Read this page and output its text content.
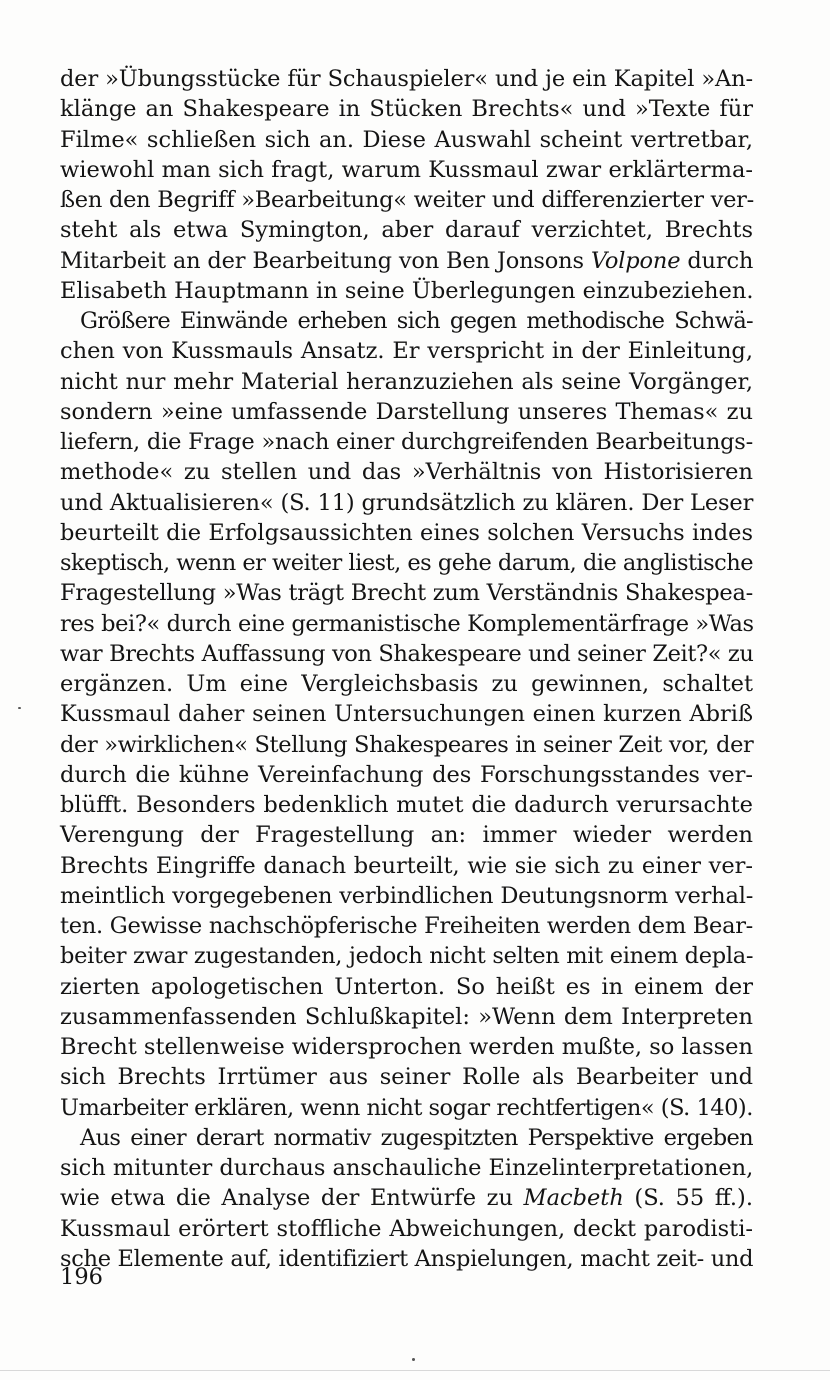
der »Übungsstücke für Schauspieler« und je ein Kapitel »An-
klänge an Shakespeare in Stücken Brechts« und »Texte für
Filme« schließen sich an. Diese Auswahl scheint vertretbar,
wiewohl man sich fragt, warum Kussmaul zwar erklärterma-
ßen den Begriff »Bearbeitung« weiter und differenzierter ver-
steht als etwa Symington, aber darauf verzichtet, Brechts
Mitarbeit an der Bearbeitung von Ben Jonsons Volpone durch
Elisabeth Hauptmann in seine Überlegungen einzubeziehen.
Größere Einwände erheben sich gegen methodische Schwä-
chen von Kussmauls Ansatz. Er verspricht in der Einleitung,
nicht nur mehr Material heranzuziehen als seine Vorgänger,
sondern »eine umfassende Darstellung unseres Themas« zu
liefern, die Frage »nach einer durchgreifenden Bearbeitungs-
methode« zu stellen und das »Verhältnis von Historisieren
und Aktualisieren« (S. 11) grundsätzlich zu klären. Der Leser
beurteilt die Erfolgsaussichten eines solchen Versuchs indes
skeptisch, wenn er weiter liest, es gehe darum, die anglistische
Fragestellung »Was trägt Brecht zum Verständnis Shakespea-
res bei?« durch eine germanistische Komplementärfrage »Was
war Brechts Auffassung von Shakespeare und seiner Zeit?« zu
ergänzen. Um eine Vergleichsbasis zu gewinnen, schaltet
Kussmaul daher seinen Untersuchungen einen kurzen Abriß
der »wirklichen« Stellung Shakespeares in seiner Zeit vor, der
durch die kühne Vereinfachung des Forschungsstandes ver-
blüfft. Besonders bedenklich mutet die dadurch verursachte
Verengung der Fragestellung an: immer wieder werden
Brechts Eingriffe danach beurteilt, wie sie sich zu einer ver-
meintlich vorgegebenen verbindlichen Deutungsnorm verhal-
ten. Gewisse nachschöpferische Freiheiten werden dem Bear-
beiter zwar zugestanden, jedoch nicht selten mit einem depla-
zierten apologetischen Unterton. So heißt es in einem der
zusammenfassenden Schlußkapitel: »Wenn dem Interpreten
Brecht stellenweise widersprochen werden mußte, so lassen
sich Brechts Irrtümer aus seiner Rolle als Bearbeiter und
Umarbeiter erklären, wenn nicht sogar rechtfertigen« (S. 140).
Aus einer derart normativ zugespitzten Perspektive ergeben
sich mitunter durchaus anschauliche Einzelinterpretationen,
wie etwa die Analyse der Entwürfe zu Macbeth (S. 55 ff.).
Kussmaul erörtert stoffliche Abweichungen, deckt parodisti-
sche Elemente auf, identifiziert Anspielungen, macht zeit- und
196
